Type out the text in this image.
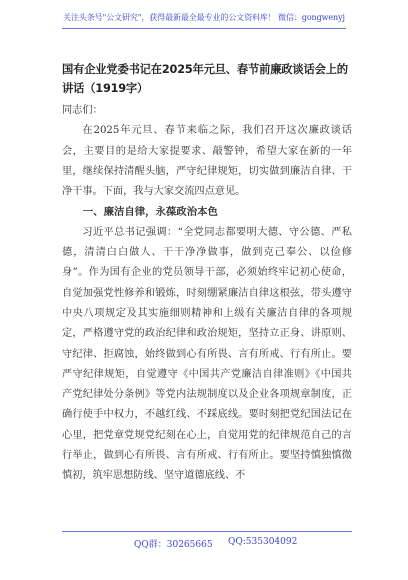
关注头条号"公文研究"，获得最新最全最专业的公文资料库！ 微信：gongwenyj
国有企业党委书记在2025年元旦、春节前廉政谈话会上的讲话（1919字）

同志们：

在2025年元旦、春节来临之际，我们召开这次廉政谈话会，主要目的是给大家提要求、敲警钟，希望大家在新的一年里，继续保持清醒头脑，严守纪律规矩，切实做到廉洁自律、干净干事。下面，我与大家交流四点意见。

一、廉洁自律，永葆政治本色

习近平总书记强调：“全党同志都要明大德、守公德、严私德，清清白白做人、干干净净做事，做到克己奉公、以俭修身”。作为国有企业的党员领导干部，必须始终牢记初心使命，自觉加强党性修养和锻炼，时刻绷紧廉洁自律这根弦，带头遵守中央八项规定及其实施细则精神和上级有关廉洁自律的各项规定，严格遵守党的政治纪律和政治规矩，坚持立正身、讲原则、守纪律、拒腐蚀，始终做到心有所畏、言有所戒、行有所止。要严守纪律规矩，自觉遵守《中国共产党廉洁自律准则》《中国共产党纪律处分条例》等党内法规制度以及企业各项规章制度，正确行使手中权力，不越红线、不踩底线。要时刻把党纪国法记在心里，把党章党规党纪刻在心上，自觉用党的纪律规范自己的言行举止，做到心有所畏、言有所戒、行有所止。要坚持慎独慎微慎初，筑牢思想防线、坚守道德底线、不

QQ群：30265665 QQ:535304092
